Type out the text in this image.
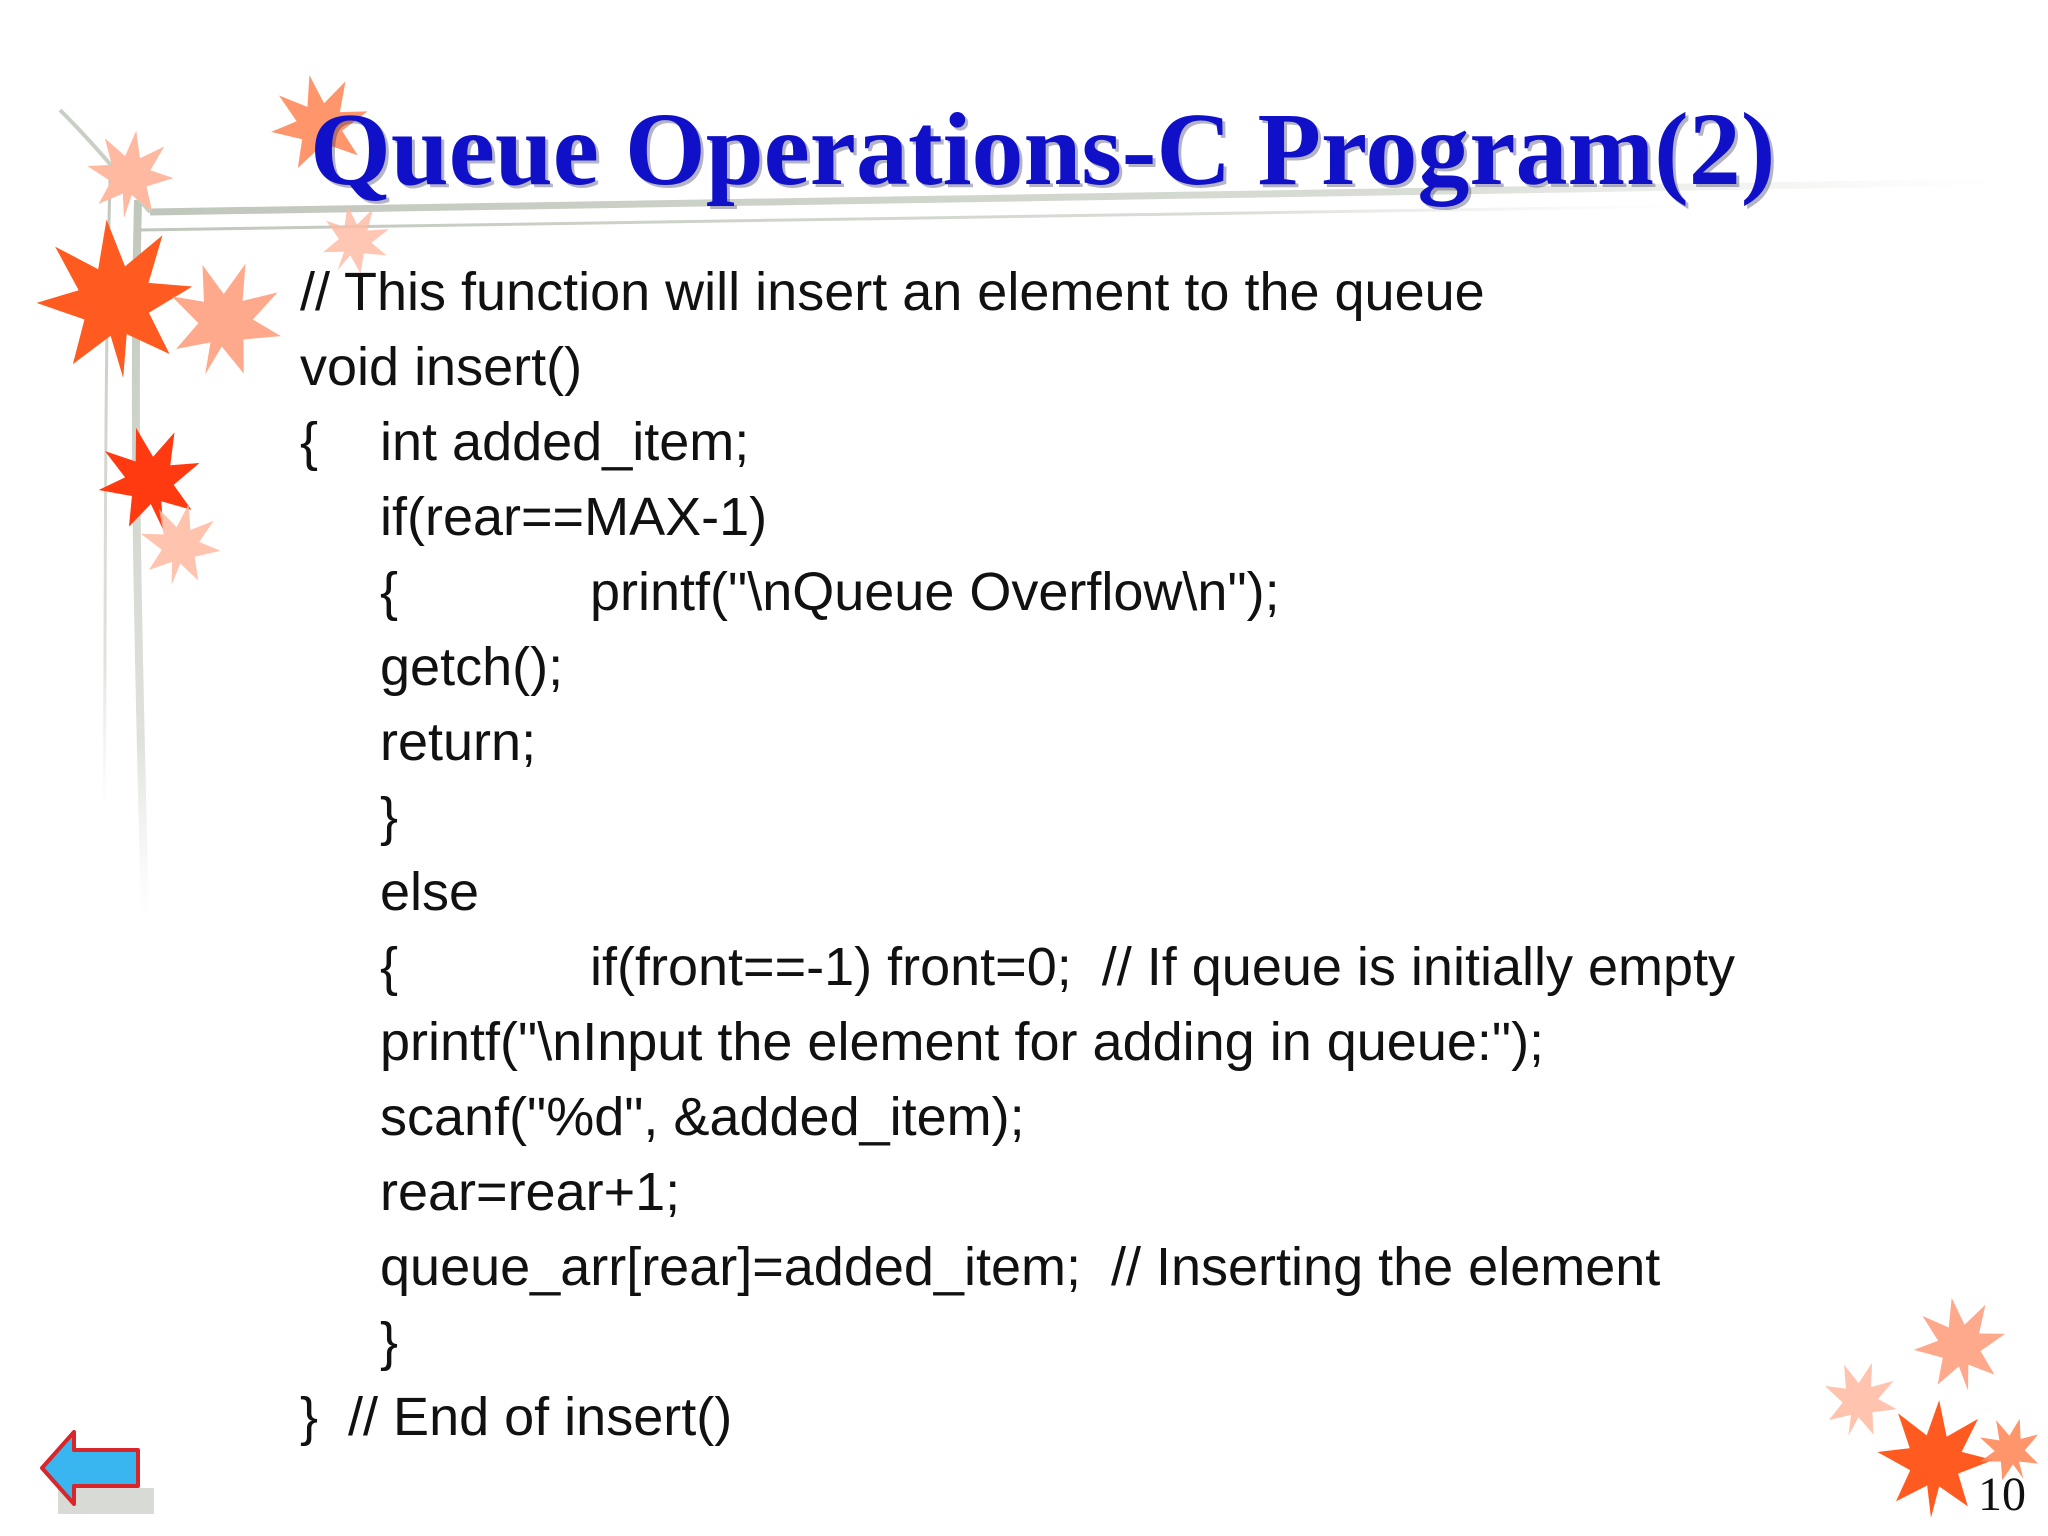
Queue Operations-C Program(2)
// This function will insert an element to the queue
void insert()
{ int added_item;
if(rear==MAX-1)
{	printf("\nQueue Overflow\n");
getch();
return;
}
else
{	if(front==-1) front=0;  // If queue is initially empty
printf("\nInput the element for adding in queue:");
scanf("%d", &added_item);
rear=rear+1;
queue_arr[rear]=added_item;  // Inserting the element
}
}  // End of insert()
10
